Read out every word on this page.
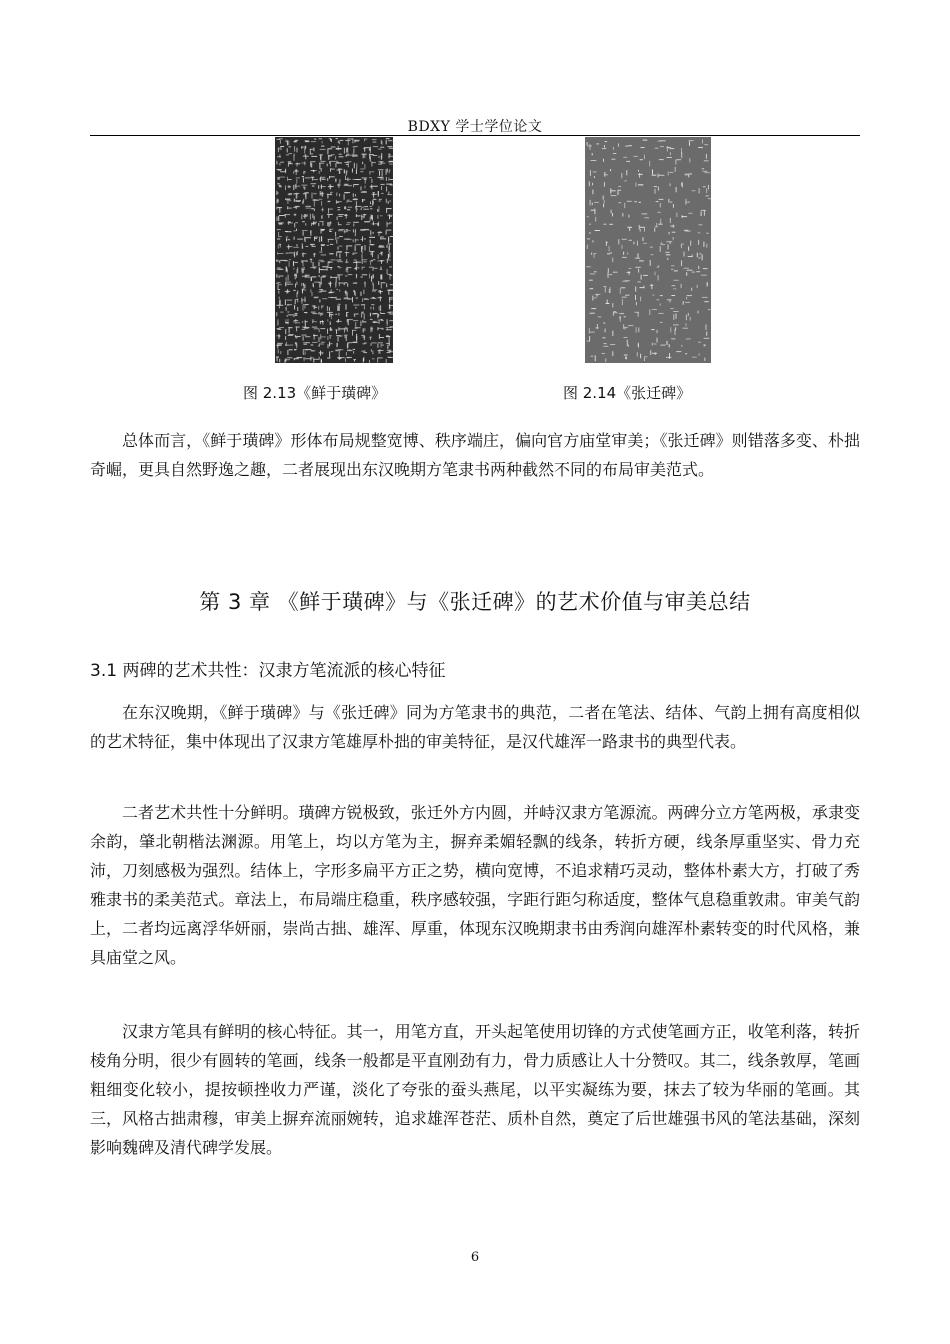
BDXY 学士学位论文
图 2.13《鲜于璜碑》	图 2.14《张迁碑》

总体而言，《鲜于璜碑》形体布局规整宽博、秩序端庄，偏向官方庙堂审美；《张迁碑》则错落多变、朴拙奇崛，更具自然野逸之趣，二者展现出东汉晚期方笔隶书两种截然不同的布局审美范式。

第 3 章 《鲜于璜碑》与《张迁碑》的艺术价值与审美总结
3.1 两碑的艺术共性：汉隶方笔流派的核心特征

在东汉晚期，《鲜于璜碑》与《张迁碑》同为方笔隶书的典范，二者在笔法、结体、气韵上拥有高度相似的艺术特征，集中体现出了汉隶方笔雄厚朴拙的审美特征，是汉代雄浑一路隶书的典型代表。

二者艺术共性十分鲜明。璜碑方锐极致，张迁外方内圆，并峙汉隶方笔源流。两碑分立方笔两极，承隶变余韵，肇北朝楷法渊源。用笔上，均以方笔为主，摒弃柔媚轻飘的线条，转折方硬，线条厚重坚实、骨力充沛，刀刻感极为强烈。结体上，字形多扁平方正之势，横向宽博，不追求精巧灵动，整体朴素大方，打破了秀雅隶书的柔美范式。章法上，布局端庄稳重，秩序感较强，字距行距匀称适度，整体气息稳重敦肃。审美气韵上，二者均远离浮华妍丽，崇尚古拙、雄浑、厚重，体现东汉晚期隶书由秀润向雄浑朴素转变的时代风格，兼具庙堂之风。

汉隶方笔具有鲜明的核心特征。其一，用笔方直，开头起笔使用切锋的方式使笔画方正，收笔利落，转折棱角分明，很少有圆转的笔画，线条一般都是平直刚劲有力，骨力质感让人十分赞叹。其二，线条敦厚，笔画粗细变化较小，提按顿挫收力严谨，淡化了夸张的蚕头燕尾，以平实凝练为要，抹去了较为华丽的笔画。其三，风格古拙肃穆，审美上摒弃流丽婉转，追求雄浑苍茫、质朴自然，奠定了后世雄强书风的笔法基础，深刻影响魏碑及清代碑学发展。

6
